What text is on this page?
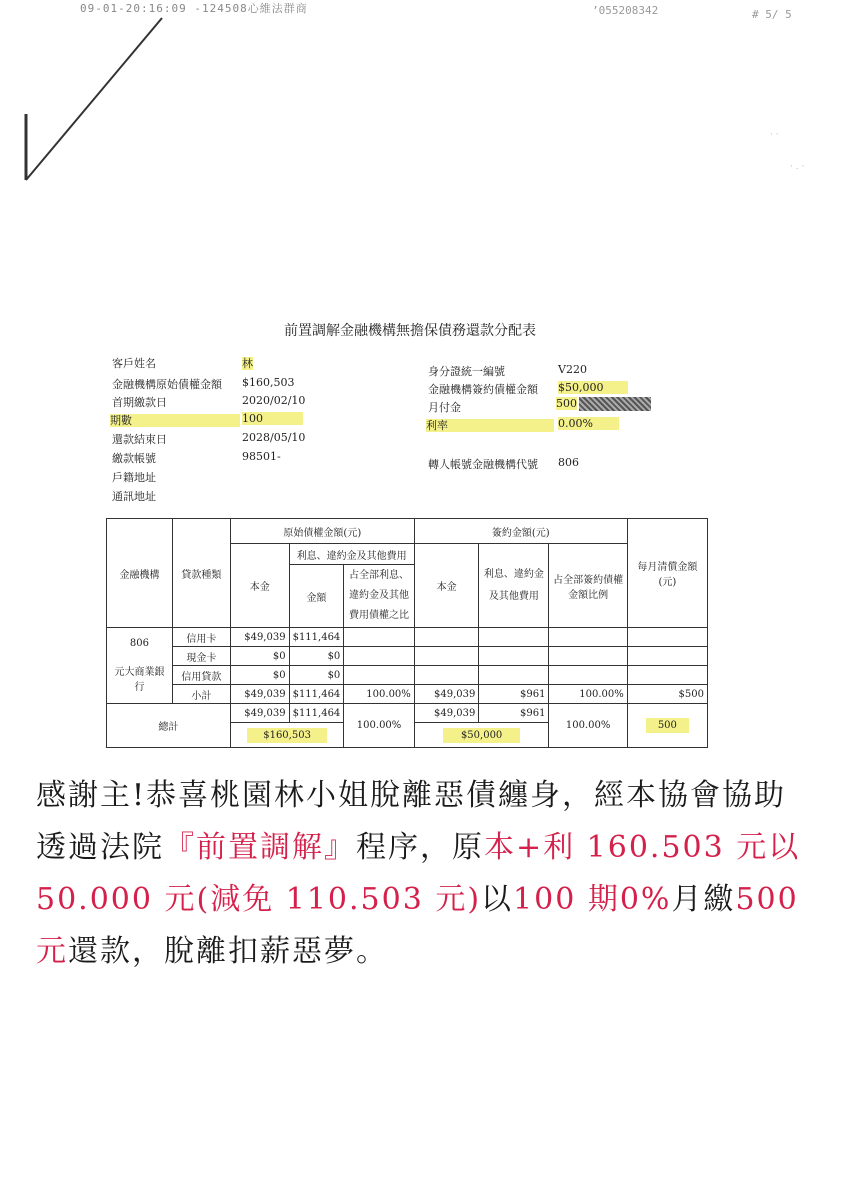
09-01-20:16:09 -124508心維法群商	’055208342	# 5/ 5
· ·
· . ·
前置調解金融機構無擔保債務還款分配表
客戶姓名	林
金融機構原始債權金額 $160,503
首期繳款日	2020/02/10
期數	100
還款結束日	2028/05/10
繳款帳號	98501-
戶籍地址
通訊地址
身分證統一編號	V220
金融機構簽約債權金額 $50,000
月付金	500
利率	0.00%
轉人帳號金融機構代號 806
金融機構	貸款種類	原始債權金額(元)			簽約金額(元)			每月清償金額(元)
		本金	利息、違約金及其他費用		本金	利息、違約金及其他費用	占全部簽約債權金額比例	
			金額	占全部利息、違約金及其他費用債權之比				

806
元大商業銀行	信用卡	$49,039	$111,464					
	現金卡	$0	$0					
	信用貸款	$0	$0					
	小計	$49,039	$111,464	100.00%	$49,039	$961	100.00%	$500
總計		$49,039	$111,464	100.00%	$49,039	$961	100.00%	500
		$160,503			$50,000			
感謝主!恭喜桃園林小姐脫離惡債纏身，經本協會協助透過法院『前置調解』程序，原本+利 160.503 元以 50.000 元(減免 110.503 元)以100 期0%月繳500 元還款，脫離扣薪惡夢。
